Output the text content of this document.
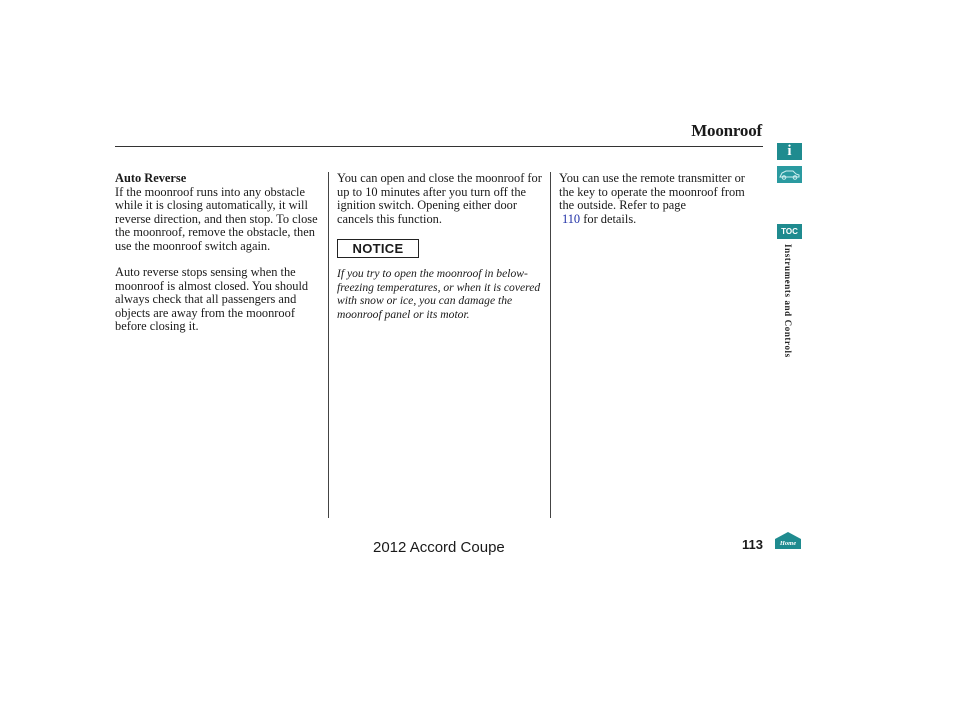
Moonroof

Auto Reverse

If the moonroof runs into any obstacle while it is closing automatically, it will reverse direction, and then stop. To close the moonroof, remove the obstacle, then use the moonroof switch again.

Auto reverse stops sensing when the moonroof is almost closed. You should always check that all passengers and objects are away from the moonroof before closing it.

You can open and close the moonroof for up to 10 minutes after you turn off the ignition switch. Opening either door cancels this function.

NOTICE

If you try to open the moonroof in below-freezing temperatures, or when it is covered with snow or ice, you can damage the moonroof panel or its motor.

You can use the remote transmitter or the key to operate the moonroof from the outside. Refer to page
110 for details.

i
TOC
Instruments and Controls
2012 Accord Coupe	113	Home
